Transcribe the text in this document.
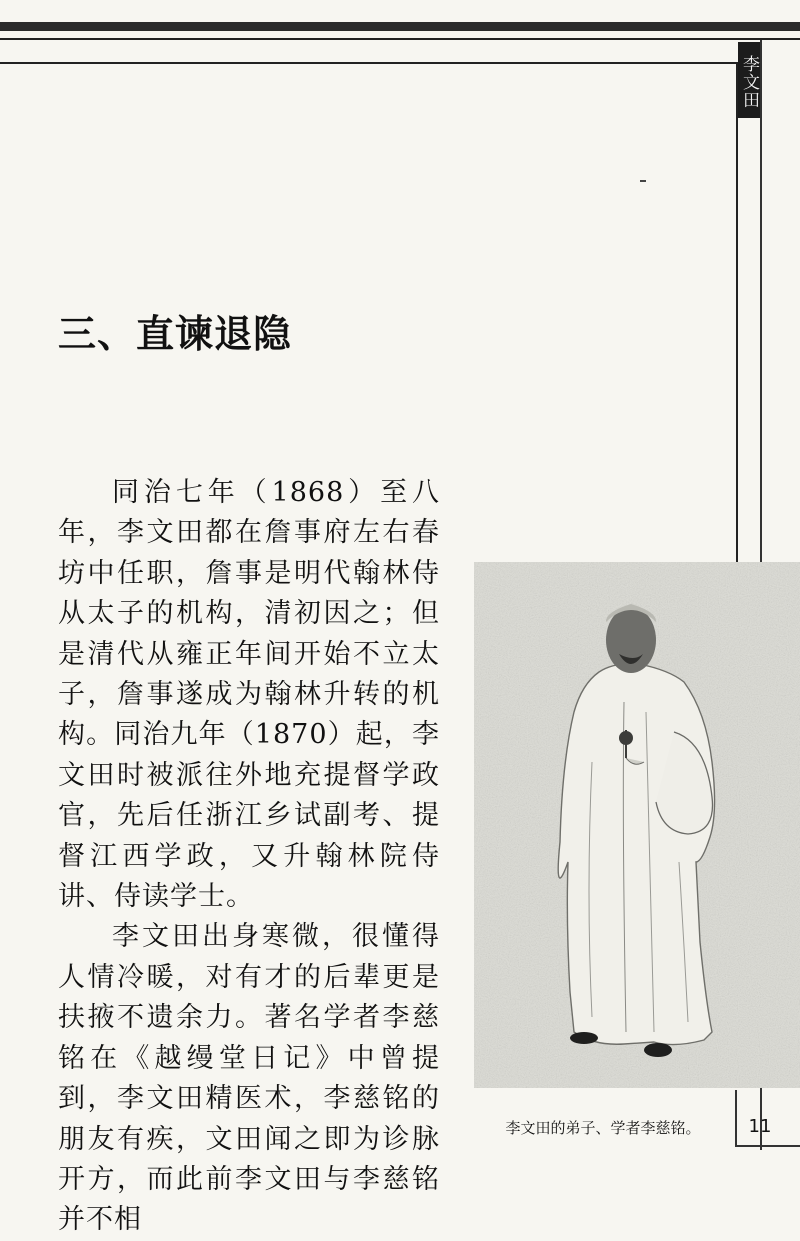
李文田
三、直谏退隐

同治七年（1868）至八年，李文田都在詹事府左右春坊中任职，詹事是明代翰林侍从太子的机构，清初因之；但是清代从雍正年间开始不立太子，詹事遂成为翰林升转的机构。同治九年（1870）起，李文田时被派往外地充提督学政官，先后任浙江乡试副考、提督江西学政，又升翰林院侍讲、侍读学士。

李文田出身寒微，很懂得人情冷暖，对有才的后辈更是扶掖不遗余力。著名学者李慈铭在《越缦堂日记》中曾提到，李文田精医术，李慈铭的朋友有疾，文田闻之即为诊脉开方，而此前李文田与李慈铭并不相

李文田的弟子、学者李慈铭。	11
